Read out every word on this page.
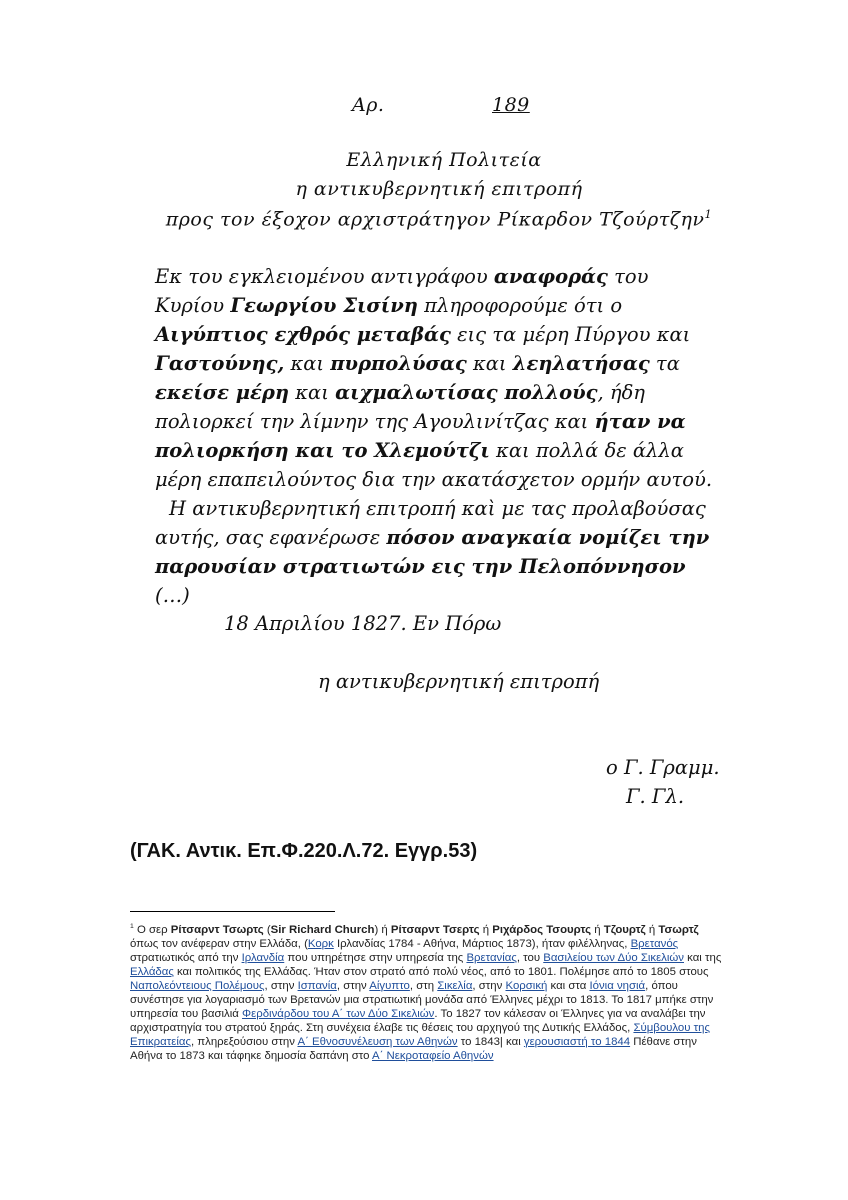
Αρ.	189
Ελληνική Πολιτεία
η αντικυβερνητική επιτροπή
προς τον έξοχον αρχιστράτηγον Ρίκαρδον Τζούρτζην$^1$

Εκ του εγκλειομένου αντιγράφου αναφοράς του Κυρίου Γεωργίου Σισίνη πληροφορούμε ότι ο Αιγύπτιος εχθρός μεταβάς εις τα μέρη Πύργου και Γαστούνης, και πυρπολύσας και λεηλατήσας τα εκείσε μέρη και αιχμαλωτίσας πολλούς, ήδη πολιορκεί την λίμνην της Αγουλινίτζας και ήταν να πολιορκήση και το Χλεμούτζι και πολλά δε άλλα μέρη επαπειλούντος δια την ακατάσχετον ορμήν αυτού.

Η αντικυβερνητική επιτροπή καὶ με τας προλαβούσας αυτής, σας εφανέρωσε πόσον αναγκαία νομίζει την παρουσίαν στρατιωτών εις την Πελοπόννησον (…)

18 Απριλίου 1827. Εν Πόρω
η αντικυβερνητική επιτροπή
ο Γ. Γραμμ.
Γ. Γλ.
(ΓΑΚ. Αντικ. Επ.Φ.220.Λ.72. Εγγρ.53)

$^1$ Ο σερ Ρίτσαρντ Τσωρτς (Sir Richard Church) ή Ρίτσαρντ Τσερτς ή Ριχάρδος Τσουρτς ή Τζουρτζ ή Τσωρτζ όπως τον ανέφεραν στην Ελλάδα, (Κορκ Ιρλανδίας 1784 - Αθήνα, Μάρτιος 1873), ήταν φιλέλληνας, Βρετανός στρατιωτικός από την Ιρλανδία που υπηρέτησε στην υπηρεσία της Βρετανίας, του Βασιλείου των Δύο Σικελιών και της Ελλάδας και πολιτικός της Ελλάδας. Ήταν στον στρατό από πολύ νέος, από το 1801. Πολέμησε από το 1805 στους Ναπολεόντειους Πολέμους, στην Ισπανία, στην Αίγυπτο, στη Σικελία, στην Κορσική και στα Ιόνια νησιά, όπου συνέστησε για λογαριασμό των Βρετανών μια στρατιωτική μονάδα από Έλληνες μέχρι το 1813. Το 1817 μπήκε στην υπηρεσία του βασιλιά Φερδινάρδου του Α΄ των Δύο Σικελιών. Το 1827 τον κάλεσαν οι Έλληνες για να αναλάβει την αρχιστρατηγία του στρατού ξηράς. Στη συνέχεια έλαβε τις θέσεις του αρχηγού της Δυτικής Ελλάδος, Σύμβουλου της Επικρατείας, πληρεξούσιου στην Α΄ Εθνοσυνέλευση των Αθηνών το 1843| και γερουσιαστή το 1844 Πέθανε στην Αθήνα το 1873 και τάφηκε δημοσία δαπάνη στο Α΄ Νεκροταφείο Αθηνών
